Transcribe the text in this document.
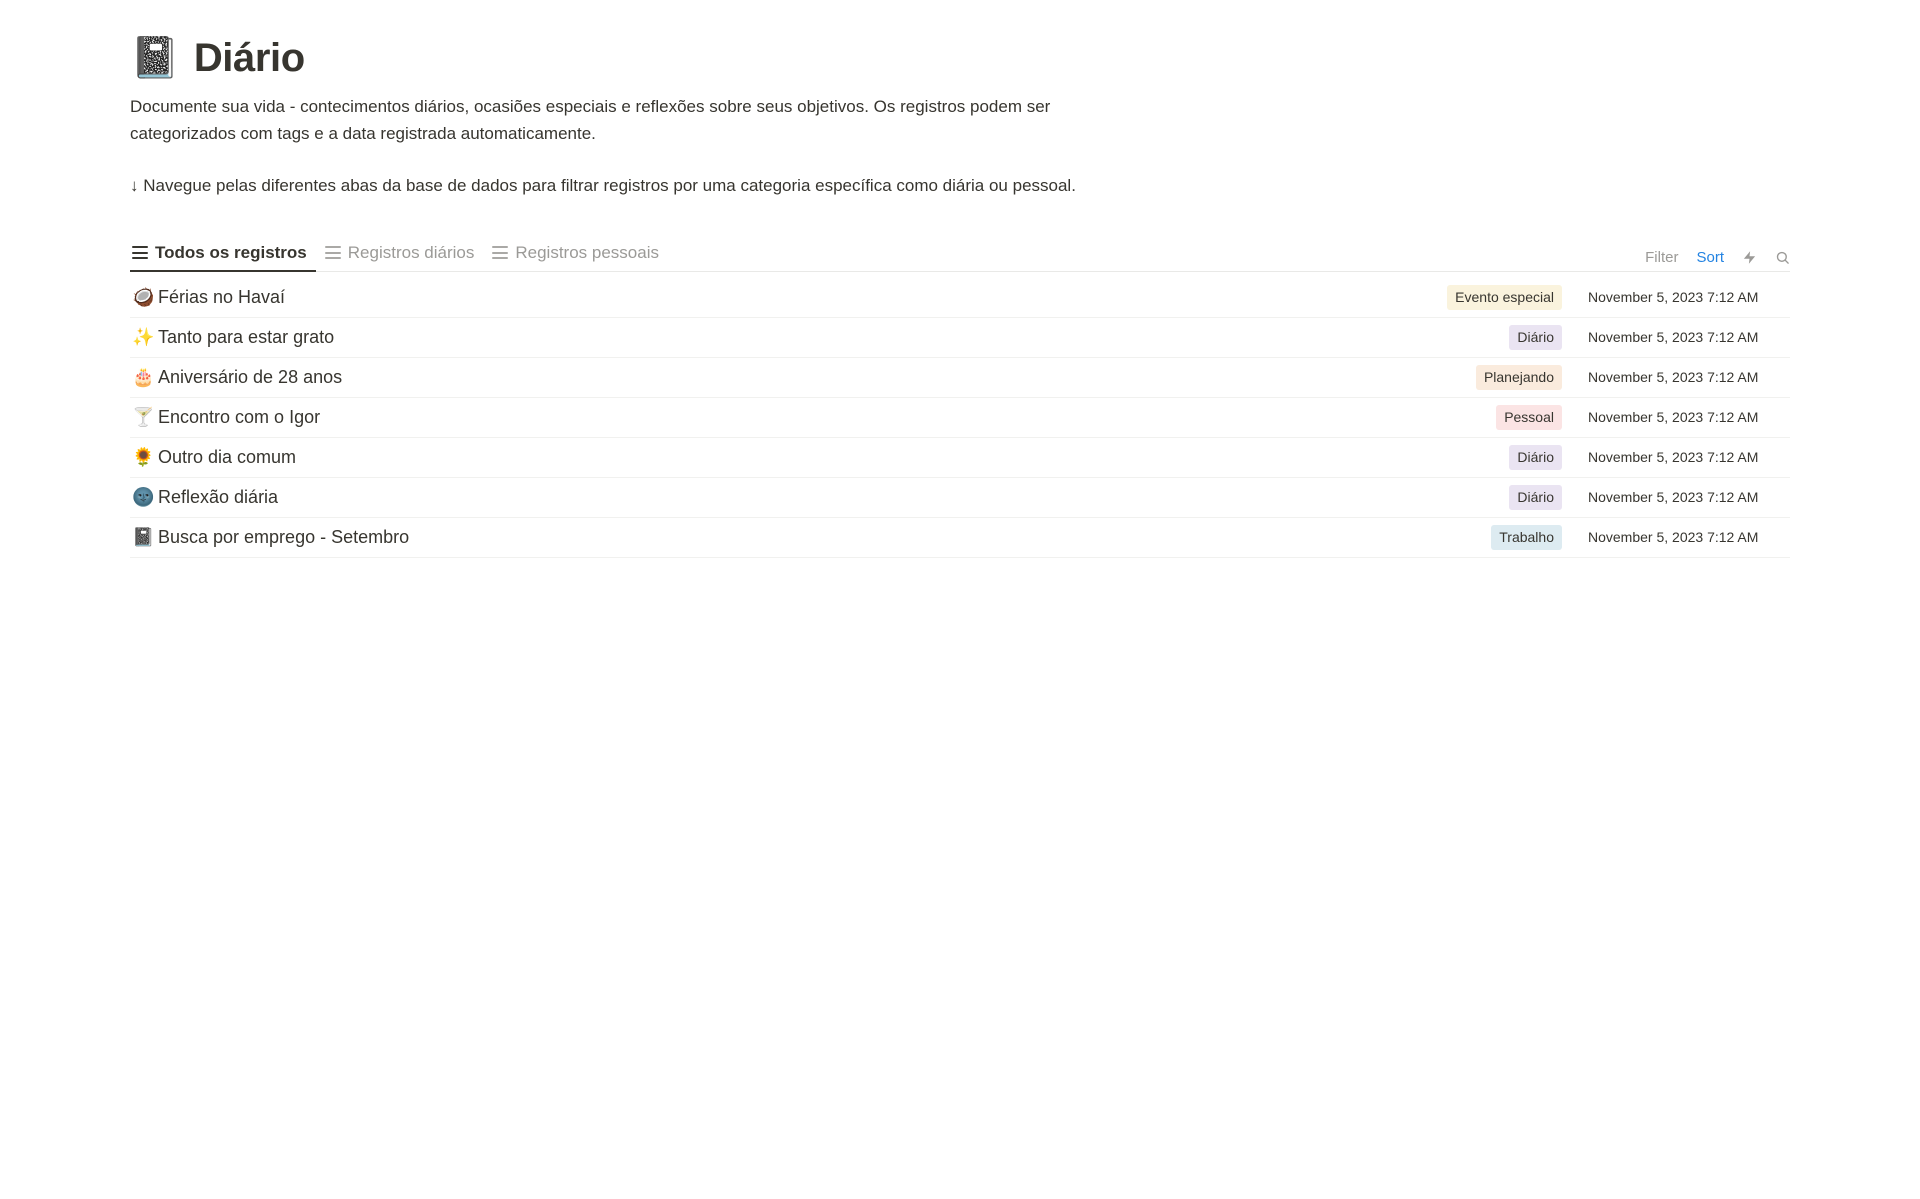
📓 Diário

Documente sua vida - contecimentos diários, ocasiões especiais e reflexões sobre seus objetivos. Os registros podem ser categorizados com tags e a data registrada automaticamente.

↓ Navegue pelas diferentes abas da base de dados para filtrar registros por uma categoria específica como diária ou pessoal.

Todos os registros Registros diários Registros pessoais	Filter Sort
🥥 Férias no Havaí	Evento especial	November 5, 2023 7:12 AM
✨ Tanto para estar grato	Diário	November 5, 2023 7:12 AM
🎂 Aniversário de 28 anos	Planejando	November 5, 2023 7:12 AM
🍸 Encontro com o Igor	Pessoal	November 5, 2023 7:12 AM
🌻 Outro dia comum	Diário	November 5, 2023 7:12 AM
🌚 Reflexão diária	Diário	November 5, 2023 7:12 AM
📓 Busca por emprego - Setembro	Trabalho	November 5, 2023 7:12 AM
